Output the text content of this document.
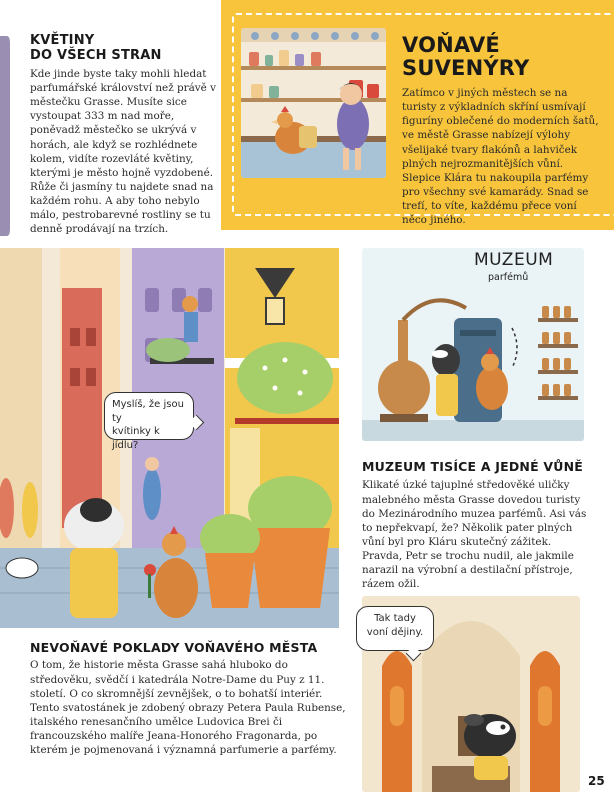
KVĚTINY
DO VŠECH STRAN

Kde jinde byste taky mohli hledat parfumářské království než právě v městečku Grasse. Musíte sice vystoupat 333 m nad moře, poněvadž městečko se ukrývá v horách, ale když se rozhlédnete kolem, vidíte rozevláté květiny, kterými je město hojně vyzdobené. Růže či jasmíny tu najdete snad na každém rohu. A aby toho nebylo málo, pestrobarevné rostliny se tu denně prodávají na trzích.

VOŇAVÉ
SUVENÝRY

Zatímco v jiných městech se na turisty z výkladních skříní usmívají figuríny oblečené do moderních šatů, ve městě Grasse nabízejí výlohy všelijaké tvary flakónů a lahviček plných nejrozmanitějších vůní. Slepice Klára tu nakoupila parfémy pro všechny své kamarády. Snad se trefí, to víte, každému přece voní něco jiného.

Myslíš, že jsou ty
kvítinky k jídlu?
MUZEUM
parfémů
MUZEUM TISÍCE A JEDNÉ VŮNĚ

Klikaté úzké tajuplné středověké uličky malebného města Grasse dovedou turisty do Mezinárodního muzea parfémů. Asi vás to nepřekvapí, že? Několik pater plných vůní byl pro Kláru skutečný zážitek. Pravda, Petr se trochu nudil, ale jakmile narazil na výrobní a destilační přístroje, rázem ožil.

NEVOŇAVÉ POKLADY VOŇAVÉHO MĚSTA

O tom, že historie města Grasse sahá hluboko do středověku, svědčí i katedrála Notre-Dame du Puy z 11. století. O co skromnější zevnějšek, o to bohatší interiér. Tento svatostánek je zdobený obrazy Petera Paula Rubense, italského renesančního umělce Ludovica Brei či francouzského malíře Jeana-Honorého Fragonarda, po kterém je pojmenovaná i významná parfumerie a parfémy.

Tak tady
voní dějiny.
25
